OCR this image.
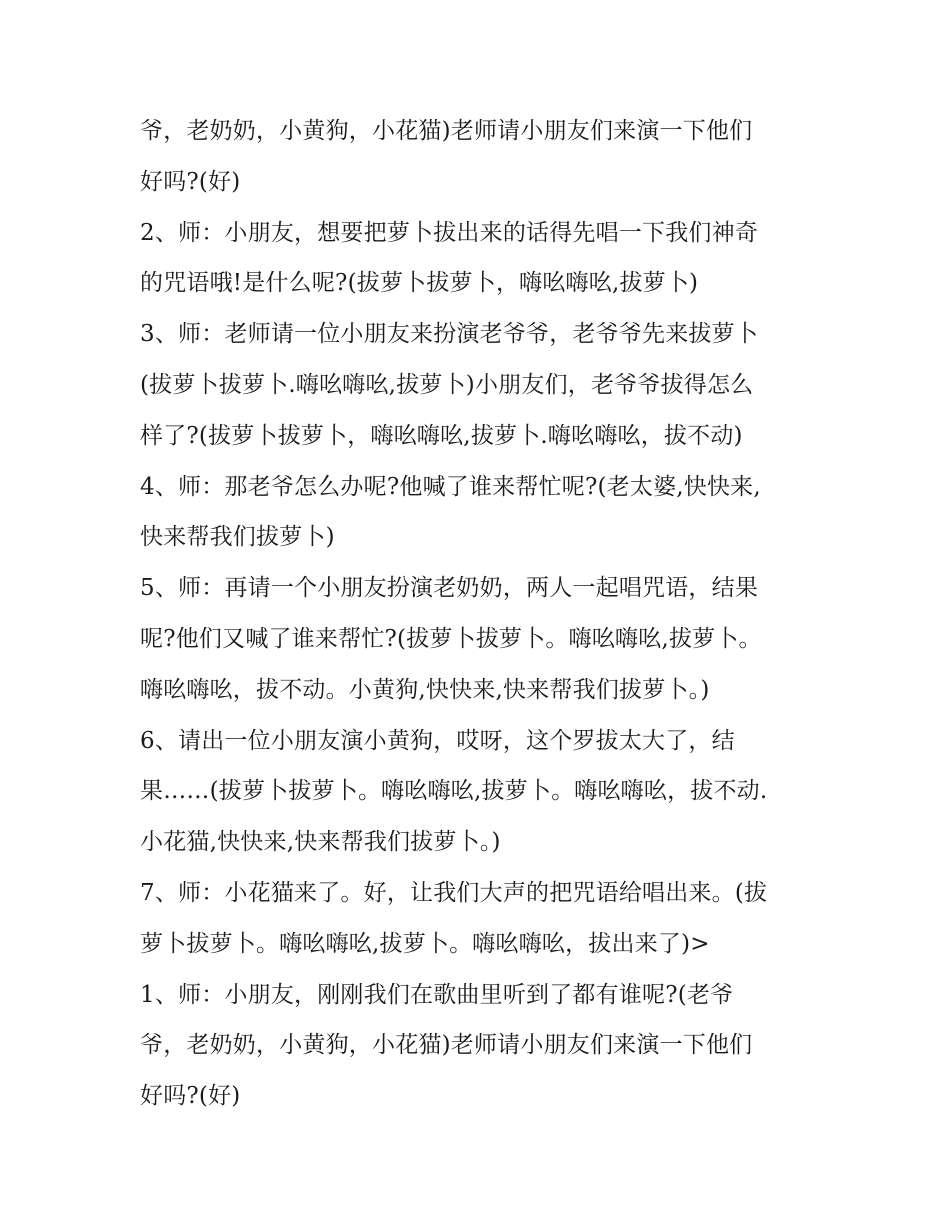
爷，老奶奶，小黄狗，小花猫)老师请小朋友们来演一下他们
好吗?(好)
2、师：小朋友，想要把萝卜拔出来的话得先唱一下我们神奇
的咒语哦!是什么呢?(拔萝卜拔萝卜，嗨吆嗨吆,拔萝卜)
3、师：老师请一位小朋友来扮演老爷爷，老爷爷先来拔萝卜
(拔萝卜拔萝卜.嗨吆嗨吆,拔萝卜)小朋友们，老爷爷拔得怎么
样了?(拔萝卜拔萝卜，嗨吆嗨吆,拔萝卜.嗨吆嗨吆，拔不动)
4、师：那老爷怎么办呢?他喊了谁来帮忙呢?(老太婆,快快来,
快来帮我们拔萝卜)
5、师：再请一个小朋友扮演老奶奶，两人一起唱咒语，结果
呢?他们又喊了谁来帮忙?(拔萝卜拔萝卜。嗨吆嗨吆,拔萝卜。
嗨吆嗨吆，拔不动。小黄狗,快快来,快来帮我们拔萝卜。)
6、请出一位小朋友演小黄狗，哎呀，这个罗拔太大了，结
果……(拔萝卜拔萝卜。嗨吆嗨吆,拔萝卜。嗨吆嗨吆，拔不动.
小花猫,快快来,快来帮我们拔萝卜。)
7、师：小花猫来了。好，让我们大声的把咒语给唱出来。(拔
萝卜拔萝卜。嗨吆嗨吆,拔萝卜。嗨吆嗨吆，拔出来了)>
1、师：小朋友，刚刚我们在歌曲里听到了都有谁呢?(老爷
爷，老奶奶，小黄狗，小花猫)老师请小朋友们来演一下他们
好吗?(好)
